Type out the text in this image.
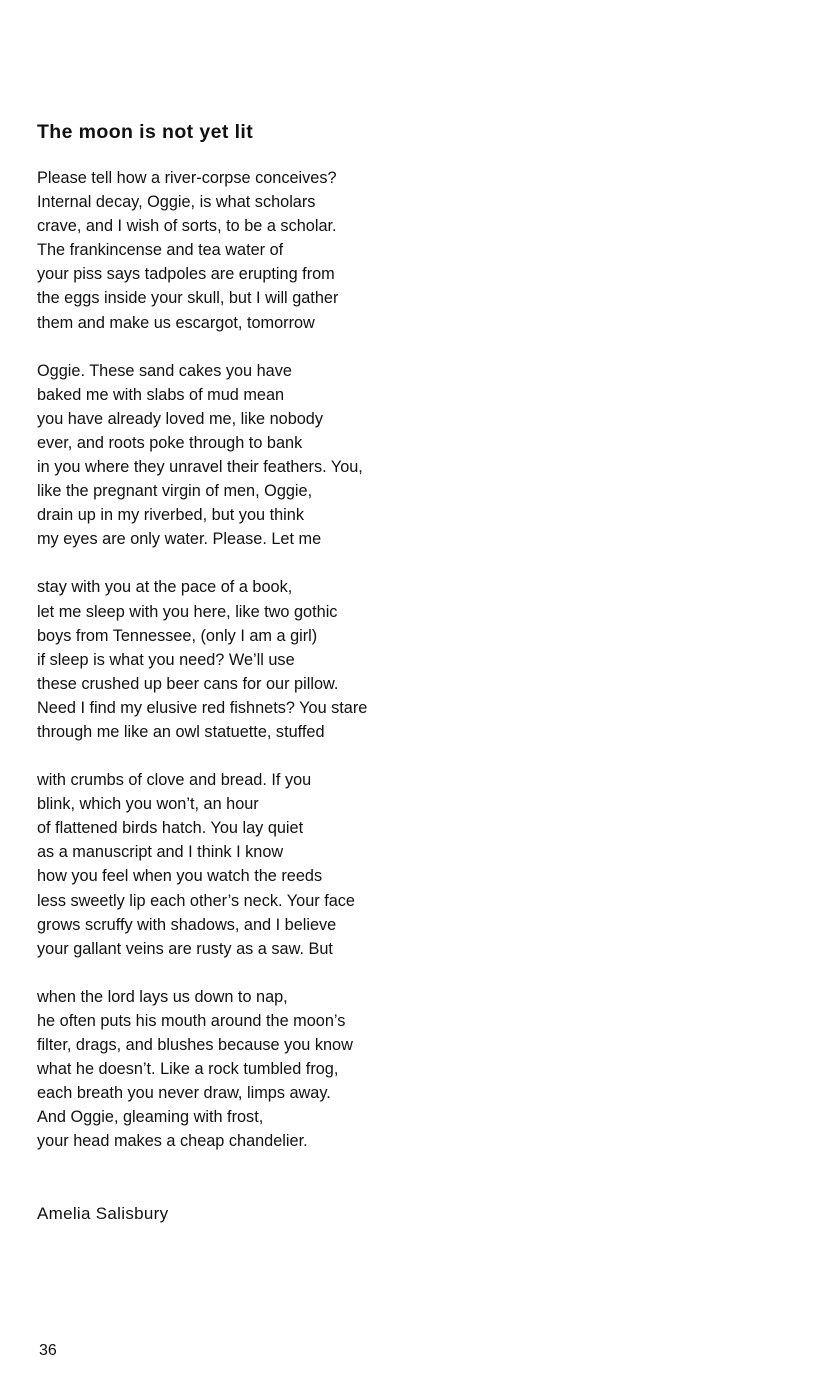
The moon is not yet lit
Please tell how a river-corpse conceives?
Internal decay, Oggie, is what scholars
crave, and I wish of sorts, to be a scholar.
The frankincense and tea water of
your piss says tadpoles are erupting from
the eggs inside your skull, but I will gather
them and make us escargot, tomorrow
Oggie. These sand cakes you have
baked me with slabs of mud mean
you have already loved me, like nobody
ever, and roots poke through to bank
in you where they unravel their feathers. You,
like the pregnant virgin of men, Oggie,
drain up in my riverbed, but you think
my eyes are only water. Please. Let me
stay with you at the pace of a book,
let me sleep with you here, like two gothic
boys from Tennessee, (only I am a girl)
if sleep is what you need? We’ll use
these crushed up beer cans for our pillow.
Need I find my elusive red fishnets? You stare
through me like an owl statuette, stuffed
with crumbs of clove and bread. If you
blink, which you won’t, an hour
of flattened birds hatch. You lay quiet
as a manuscript and I think I know
how you feel when you watch the reeds
less sweetly lip each other’s neck. Your face
grows scruffy with shadows, and I believe
your gallant veins are rusty as a saw. But
when the lord lays us down to nap,
he often puts his mouth around the moon’s
filter, drags, and blushes because you know
what he doesn’t. Like a rock tumbled frog,
each breath you never draw, limps away.
And Oggie, gleaming with frost,
your head makes a cheap chandelier.

Amelia Salisbury

36
